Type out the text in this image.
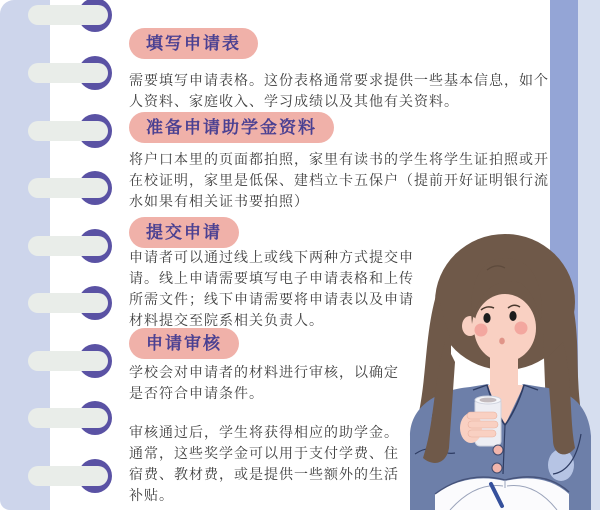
填写申请表

需要填写申请表格。这份表格通常要求提供一些基本信息，如个人资料、家庭收入、学习成绩以及其他有关资料。

准备申请助学金资料

将户口本里的页面都拍照，家里有读书的学生将学生证拍照或开在校证明，家里是低保、建档立卡五保户（提前开好证明银行流水如果有相关证书要拍照）

提交申请

申请者可以通过线上或线下两种方式提交申请。线上申请需要填写电子申请表格和上传所需文件；线下申请需要将申请表以及申请材料提交至院系相关负责人。

申请审核

学校会对申请者的材料进行审核，以确定是否符合申请条件。

审核通过后，学生将获得相应的助学金。通常，这些奖学金可以用于支付学费、住宿费、教材费，或是提供一些额外的生活补贴。
